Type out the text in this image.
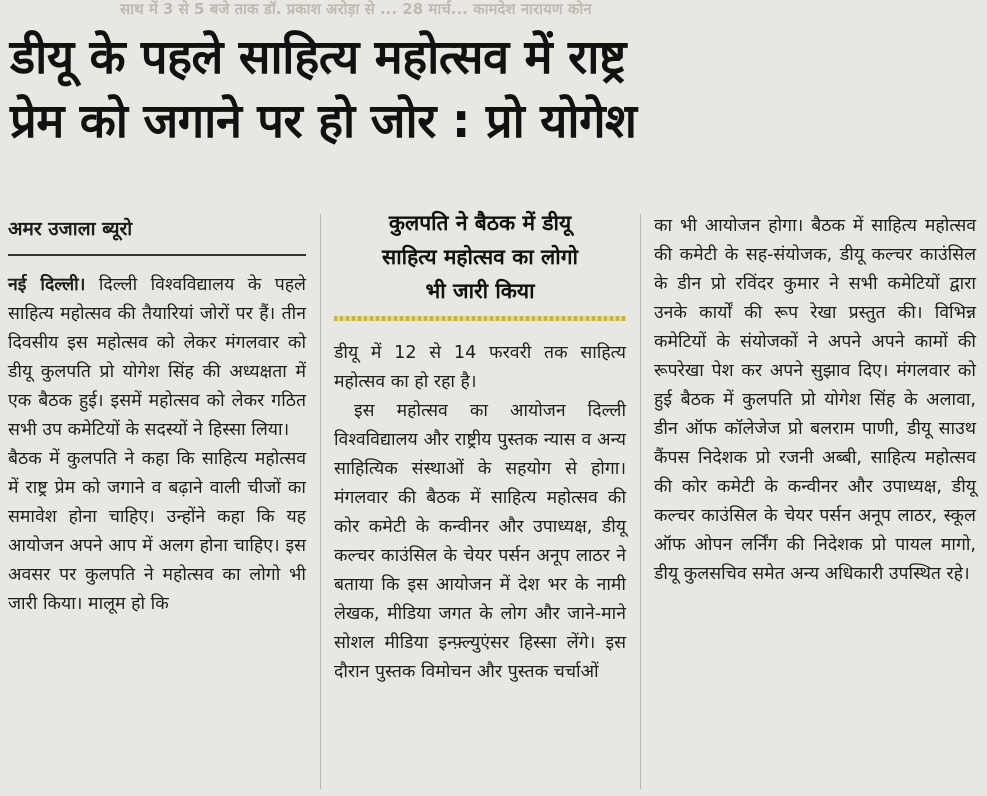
साथ में 3 से 5 बजे ताक डॉ. प्रकाश अरोड़ा से ... 28 मार्च... कामदेश नारायण कोन
डीयू के पहले साहित्य महोत्सव में राष्ट्र
प्रेम को जगाने पर हो जोर : प्रो योगेश
अमर उजाला ब्यूरो	कुलपति ने बैठक में डीयू
साहित्य महोत्सव का लोगो
भी जारी किया

नई दिल्ली। दिल्ली विश्वविद्यालय के पहले साहित्य महोत्सव की तैयारियां जोरों पर हैं। तीन दिवसीय इस महोत्सव को लेकर मंगलवार को डीयू कुलपति प्रो योगेश सिंह की अध्यक्षता में एक बैठक हुई। इसमें महोत्सव को लेकर गठित सभी उप कमेटियों के सदस्यों ने हिस्सा लिया।

बैठक में कुलपति ने कहा कि साहित्य महोत्सव में राष्ट्र प्रेम को जगाने व बढ़ाने वाली चीजों का समावेश होना चाहिए। उन्होंने कहा कि यह आयोजन अपने आप में अलग होना चाहिए। इस अवसर पर कुलपति ने महोत्सव का लोगो भी जारी किया। मालूम हो कि

डीयू में 12 से 14 फरवरी तक साहित्य महोत्सव का हो रहा है।

इस महोत्सव का आयोजन दिल्ली विश्वविद्यालय और राष्ट्रीय पुस्तक न्यास व अन्य साहित्यिक संस्थाओं के सहयोग से होगा। मंगलवार की बैठक में साहित्य महोत्सव की कोर कमेटी के कन्वीनर और उपाध्यक्ष, डीयू कल्चर काउंसिल के चेयर पर्सन अनूप लाठर ने बताया कि इस आयोजन में देश भर के नामी लेखक, मीडिया जगत के लोग और जाने-माने सोशल मीडिया इन्फ़्ल्युएंसर हिस्सा लेंगे। इस दौरान पुस्तक विमोचन और पुस्तक चर्चाओं

का भी आयोजन होगा। बैठक में साहित्य महोत्सव की कमेटी के सह-संयोजक, डीयू कल्चर काउंसिल के डीन प्रो रविंदर कुमार ने सभी कमेटियों द्वारा उनके कार्यों की रूप रेखा प्रस्तुत की। विभिन्न कमेटियों के संयोजकों ने अपने अपने कामों की रूपरेखा पेश कर अपने सुझाव दिए। मंगलवार को हुई बैठक में कुलपति प्रो योगेश सिंह के अलावा, डीन ऑफ कॉलेजेज प्रो बलराम पाणी, डीयू साउथ कैंपस निदेशक प्रो रजनी अब्बी, साहित्य महोत्सव की कोर कमेटी के कन्वीनर और उपाध्यक्ष, डीयू कल्चर काउंसिल के चेयर पर्सन अनूप लाठर, स्कूल ऑफ ओपन लर्निंग की निदेशक प्रो पायल मागो, डीयू कुलसचिव समेत अन्य अधिकारी उपस्थित रहे।
